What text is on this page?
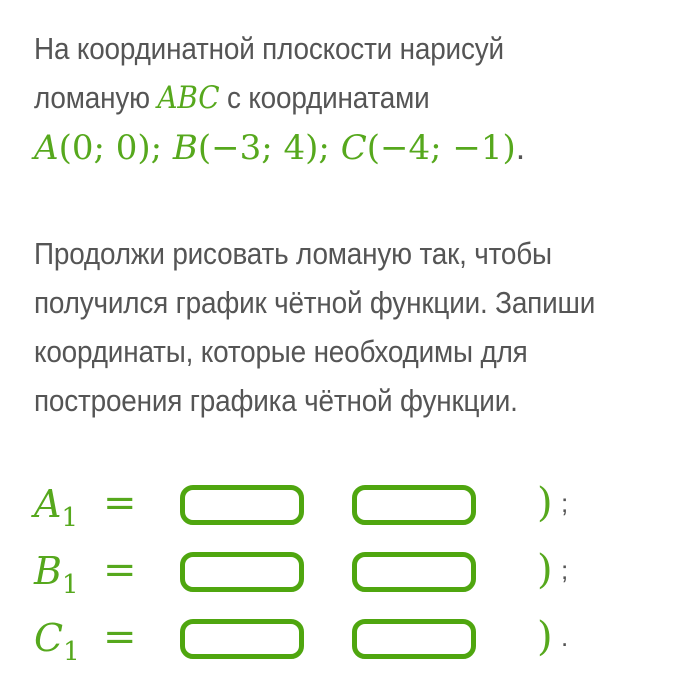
На координатной плоскости нарисуй
ломаную ABC с координатами
A(0; 0); B(−3; 4); C(−4; −1).
Продолжи рисовать ломаную так, чтобы
получился график чётной функции. Запиши
координаты, которые необходимы для
построения графика чётной функции.
$A_1$ =	) ;
$B_1$ =	) ;
$C_1$ =	) .
